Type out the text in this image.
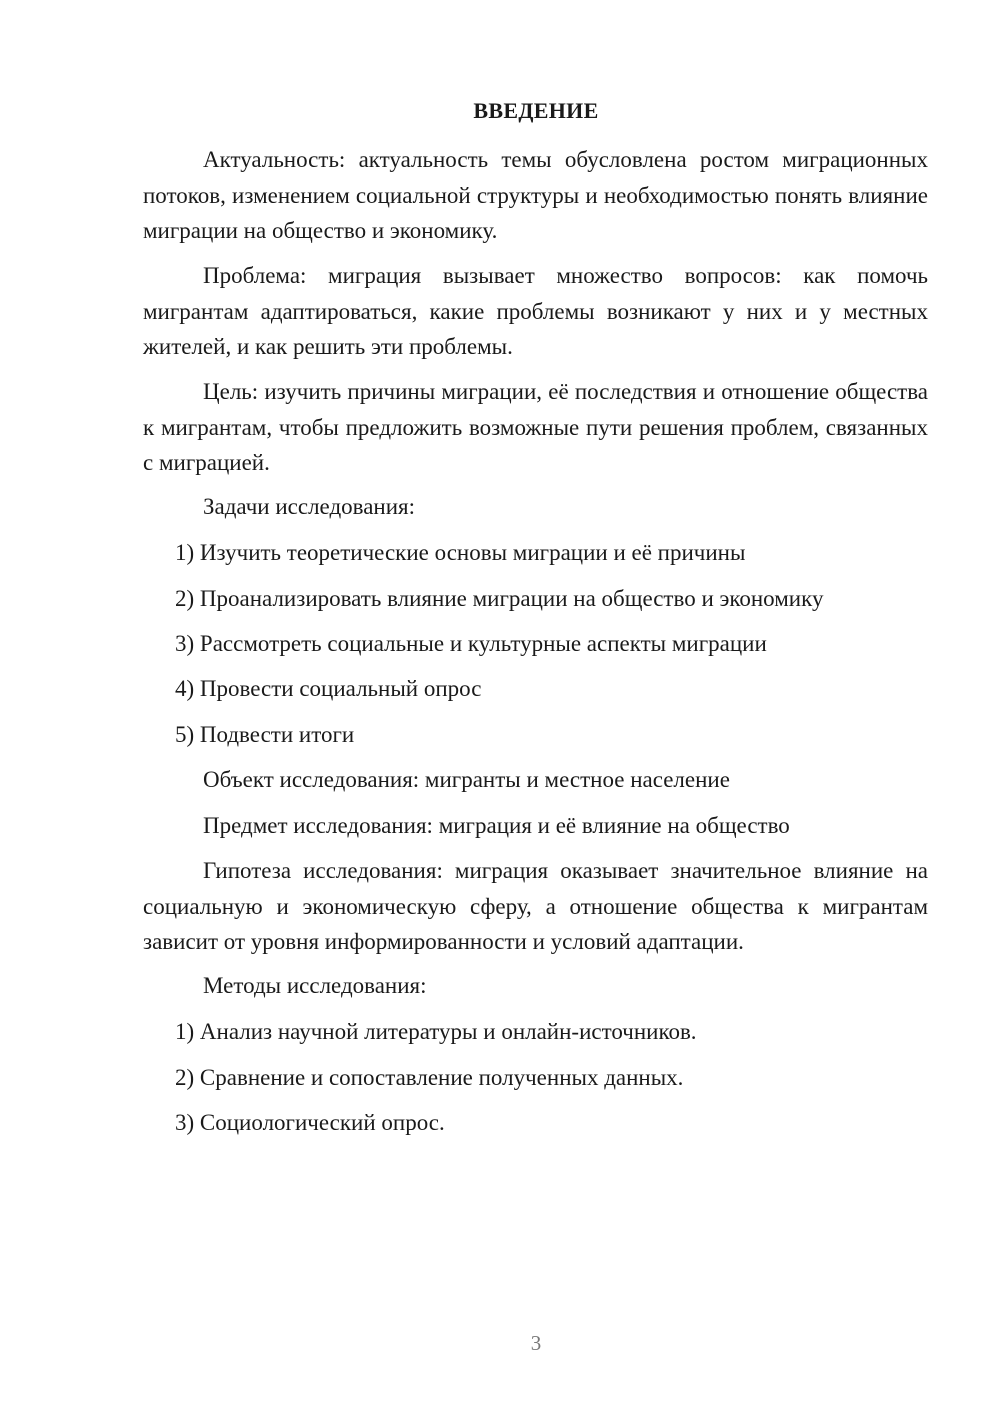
ВВЕДЕНИЕ

Актуальность: актуальность темы обусловлена ростом миграционных потоков, изменением социальной структуры и необходимостью понять влияние миграции на общество и экономику.

Проблема: миграция вызывает множество вопросов: как помочь мигрантам адаптироваться, какие проблемы возникают у них и у местных жителей, и как решить эти проблемы.

Цель: изучить причины миграции, её последствия и отношение общества к мигрантам, чтобы предложить возможные пути решения проблем, связанных с миграцией.

Задачи исследования:
1) Изучить теоретические основы миграции и её причины
2) Проанализировать влияние миграции на общество и экономику
3) Рассмотреть социальные и культурные аспекты миграции
4) Провести социальный опрос
5) Подвести итоги
Объект исследования: мигранты и местное население
Предмет исследования: миграция и её влияние на общество

Гипотеза исследования: миграция оказывает значительное влияние на социальную и экономическую сферу, а отношение общества к мигрантам зависит от уровня информированности и условий адаптации.

Методы исследования:
1) Анализ научной литературы и онлайн-источников.
2) Сравнение и сопоставление полученных данных.
3) Социологический опрос.
3
